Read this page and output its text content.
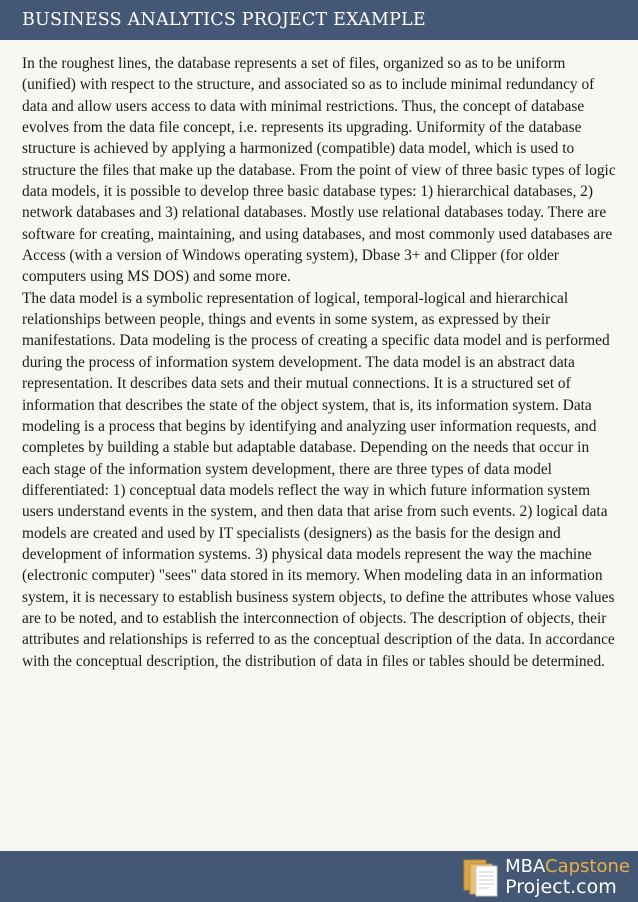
BUSINESS ANALYTICS PROJECT EXAMPLE

In the roughest lines, the database represents a set of files, organized so as to be uniform (unified) with respect to the structure, and associated so as to include minimal redundancy of data and allow users access to data with minimal restrictions. Thus, the concept of database evolves from the data file concept, i.e. represents its upgrading. Uniformity of the database structure is achieved by applying a harmonized (compatible) data model, which is used to structure the files that make up the database. From the point of view of three basic types of logic data models, it is possible to develop three basic database types: 1) hierarchical databases, 2) network databases and 3) relational databases. Mostly use relational databases today. There are software for creating, maintaining, and using databases, and most commonly used databases are Access (with a version of Windows operating system), Dbase 3+ and Clipper (for older computers using MS DOS) and some more.

The data model is a symbolic representation of logical, temporal-logical and hierarchical relationships between people, things and events in some system, as expressed by their manifestations. Data modeling is the process of creating a specific data model and is performed during the process of information system development. The data model is an abstract data representation. It describes data sets and their mutual connections. It is a structured set of information that describes the state of the object system, that is, its information system. Data modeling is a process that begins by identifying and analyzing user information requests, and completes by building a stable but adaptable database. Depending on the needs that occur in each stage of the information system development, there are three types of data model differentiated: 1) conceptual data models reflect the way in which future information system users understand events in the system, and then data that arise from such events. 2) logical data models are created and used by IT specialists (designers) as the basis for the design and development of information systems. 3) physical data models represent the way the machine (electronic computer) "sees" data stored in its memory. When modeling data in an information system, it is necessary to establish business system objects, to define the attributes whose values are to be noted, and to establish the interconnection of objects. The description of objects, their attributes and relationships is referred to as the conceptual description of the data. In accordance with the conceptual description, the distribution of data in files or tables should be determined.

MBACapstone
Project.com
